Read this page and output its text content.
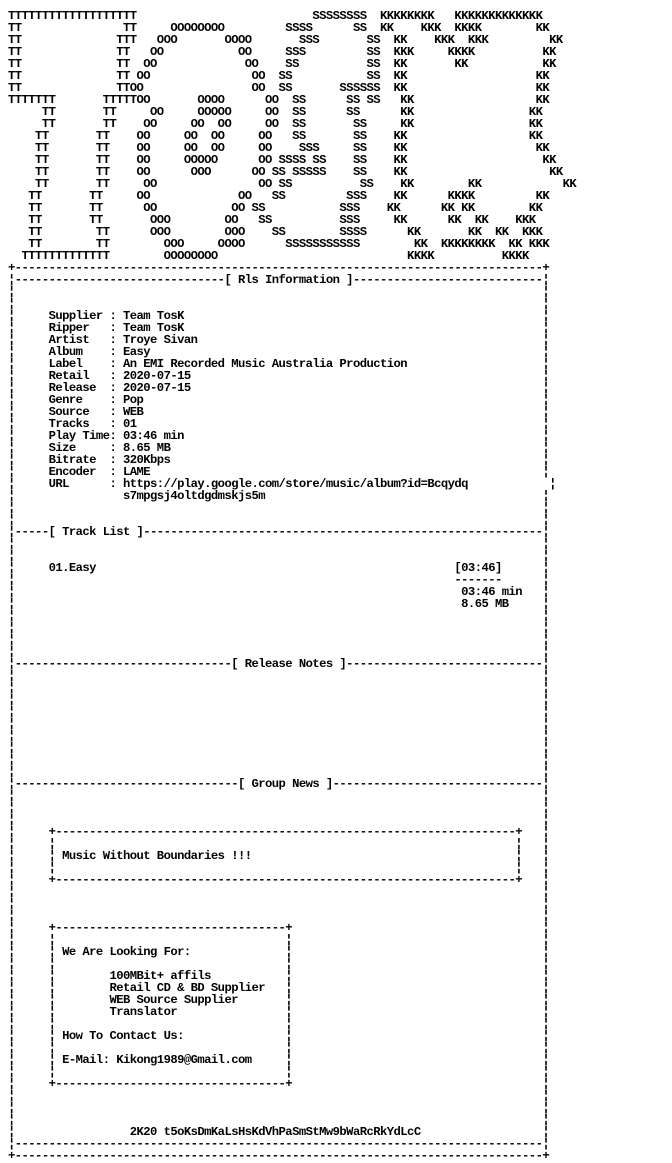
TTTTTTTTTTTTTTTTTTT                          SSSSSSSS  KKKKKKKK   KKKKKKKKKKKKK
TT               TT     OOOOOOOO         SSSS      SS  KK    KKK  KKKK        KK
TT              TTT   OOO       OOOO       SSS       SS  KK    KKK  KKK         KK
TT              TT   OO           OO     SSS         SS  KKK     KKKK          KK
TT              TT  OO             OO    SS          SS  KK       KK           KK
TT              TT OO               OO  SS           SS  KK                   KK
TT              TTOO                OO  SS       SSSSSS  KK                   KK
TTTTTTT       TTTTTOO       OOOO      OO  SS      SS SS   KK                  KK
TT       TT     OO     OOOOO     OO  SS      SS      KK                 KK
TT       TT    OO     OO  OO     OO  SS       SS     KK                 KK
TT       TT    OO     OO  OO     OO   SS       SS    KK                  KK
TT       TT    OO     OO  OO     OO    SSS     SS    KK                   KK
TT       TT    OO     OOOOO      OO SSSS SS    SS    KK                    KK
TT       TT    OO      OOO      OO SS SSSSS    SS    KK                     KK
TT       TT     OO               OO SS          SS    KK        KK            KK
TT       TT     OO             OO   SS         SSS    KK      KKKK         KK
TT       TT      OO           OO SS           SSS    KK      KK KK        KK
TT       TT       OOO        OO   SS          SSS     KK      KK  KK    KKK
TT        TT      OOO        OOO    SS        SSSS      KK       KK  KK  KKK
TT        TT        OOO     OOOO      SSSSSSSSSSS        KK  KKKKKKKK  KK KKK
TTTTTTTTTTTTT        OOOOOOOO                            KKKK          KKKK
+------------------------------------------------------------------------------+
¦-------------------------------[ Rls Information ]----------------------------¦
¦                                                                              ¦
¦                                                                              ¦
¦     Supplier : Team TosK                                                     ¦
¦     Ripper   : Team TosK                                                     ¦
¦     Artist   : Troye Sivan                                                   ¦
¦     Album    : Easy                                                          ¦
¦     Label    : An EMI Recorded Music Australia Production                    ¦
¦     Retail   : 2020-07-15                                                    ¦
¦     Release  : 2020-07-15                                                    ¦
¦     Genre    : Pop                                                           ¦
¦     Source   : WEB                                                           ¦
¦     Tracks   : 01                                                            ¦
¦     Play Time: 03:46 min                                                     ¦
¦     Size     : 8.65 MB                                                       ¦
¦     Bitrate  : 320Kbps                                                       ¦
¦     Encoder  : LAME                                                          ¦
¦     URL      : https://play.google.com/store/music/album?id=Bcqydq            ¦
¦                s7mpgsj4oltdgdmskjs5m                                         ¦
¦                                                                              ¦
¦                                                                              ¦
¦-----[ Track List ]-----------------------------------------------------------¦
¦                                                                              ¦
¦                                                                              ¦
¦     01.Easy                                                     [03:46]      ¦
¦                                                                 -------      ¦
¦                                                                  03:46 min   ¦
¦                                                                  8.65 MB     ¦
¦                                                                              ¦
¦                                                                              ¦
¦                                                                              ¦
¦                                                                              ¦
¦--------------------------------[ Release Notes ]-----------------------------¦
¦                                                                              ¦
¦                                                                              ¦
¦                                                                              ¦
¦                                                                              ¦
¦                                                                              ¦
¦                                                                              ¦
¦                                                                              ¦
¦                                                                              ¦
¦                                                                              ¦
¦---------------------------------[ Group News ]-------------------------------¦
¦                                                                              ¦
¦                                                                              ¦
¦                                                                              ¦
¦     +--------------------------------------------------------------------+   ¦
¦     ¦                                                                    ¦   ¦
¦     ¦ Music Without Boundaries !!!                                       ¦   ¦
¦     ¦                                                                    ¦   ¦
¦     +--------------------------------------------------------------------+   ¦
¦                                                                              ¦
¦                                                                              ¦
¦                                                                              ¦
¦     +----------------------------------+                                     ¦
¦     ¦                                  ¦                                     ¦
¦     ¦ We Are Looking For:              ¦                                     ¦
¦     ¦                                  ¦                                     ¦
¦     ¦        100MBit+ affils           ¦                                     ¦
¦     ¦        Retail CD & BD Supplier   ¦                                     ¦
¦     ¦        WEB Source Supplier       ¦                                     ¦
¦     ¦        Translator                ¦                                     ¦
¦     ¦                                  ¦                                     ¦
¦     ¦ How To Contact Us:               ¦                                     ¦
¦     ¦                                  ¦                                     ¦
¦     ¦ E-Mail: Kikong1989@Gmail.com     ¦                                     ¦
¦     ¦                                  ¦                                     ¦
¦     +----------------------------------+                                     ¦
¦                                                                              ¦
¦                                                                              ¦
¦                                                                              ¦
¦                 2K20 t5oKsDmKaLsHsKdVhPaSmStMw9bWaRcRkYdLcC                  ¦
¦------------------------------------------------------------------------------¦
+------------------------------------------------------------------------------+
